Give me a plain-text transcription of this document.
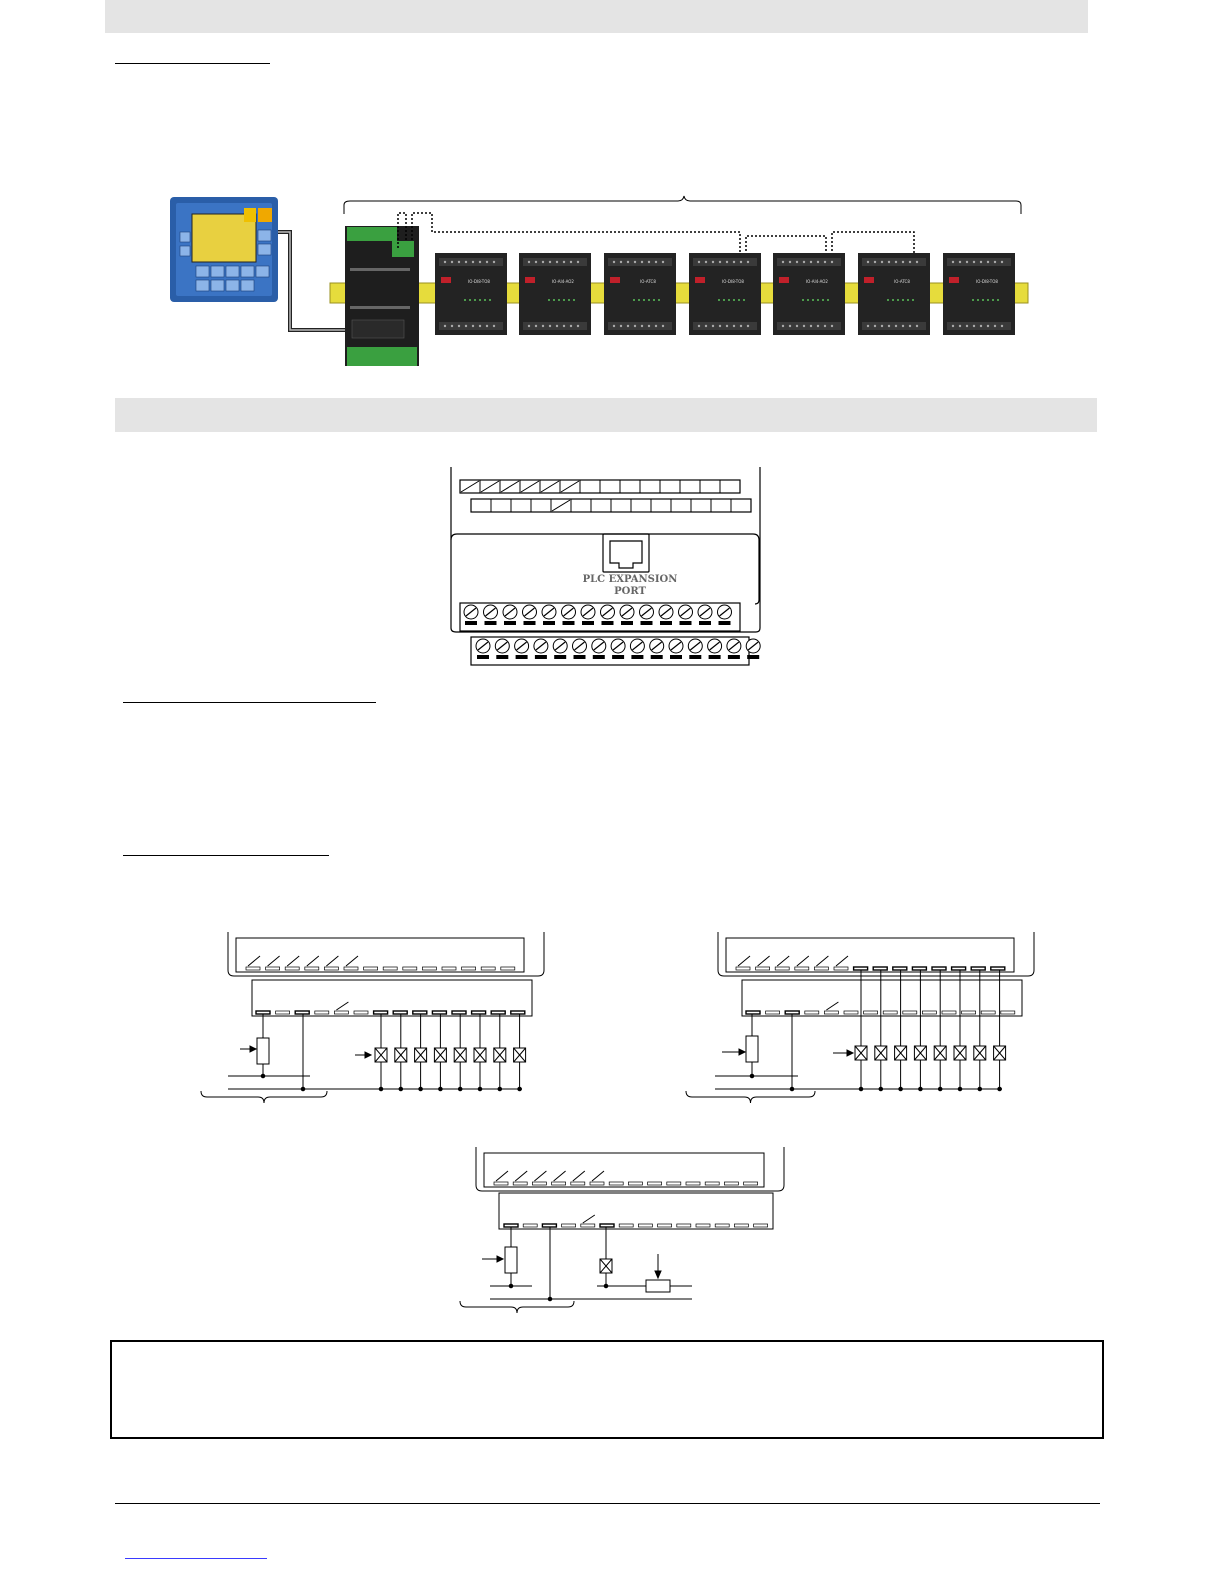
IO-DI8-TO8	IO-AI4-AO2	IO-ATC8	IO-DI8-TO8	IO-AI4-AO2	IO-ATC8	IO-DI8-TO8
PLC EXPANSION
PORT
